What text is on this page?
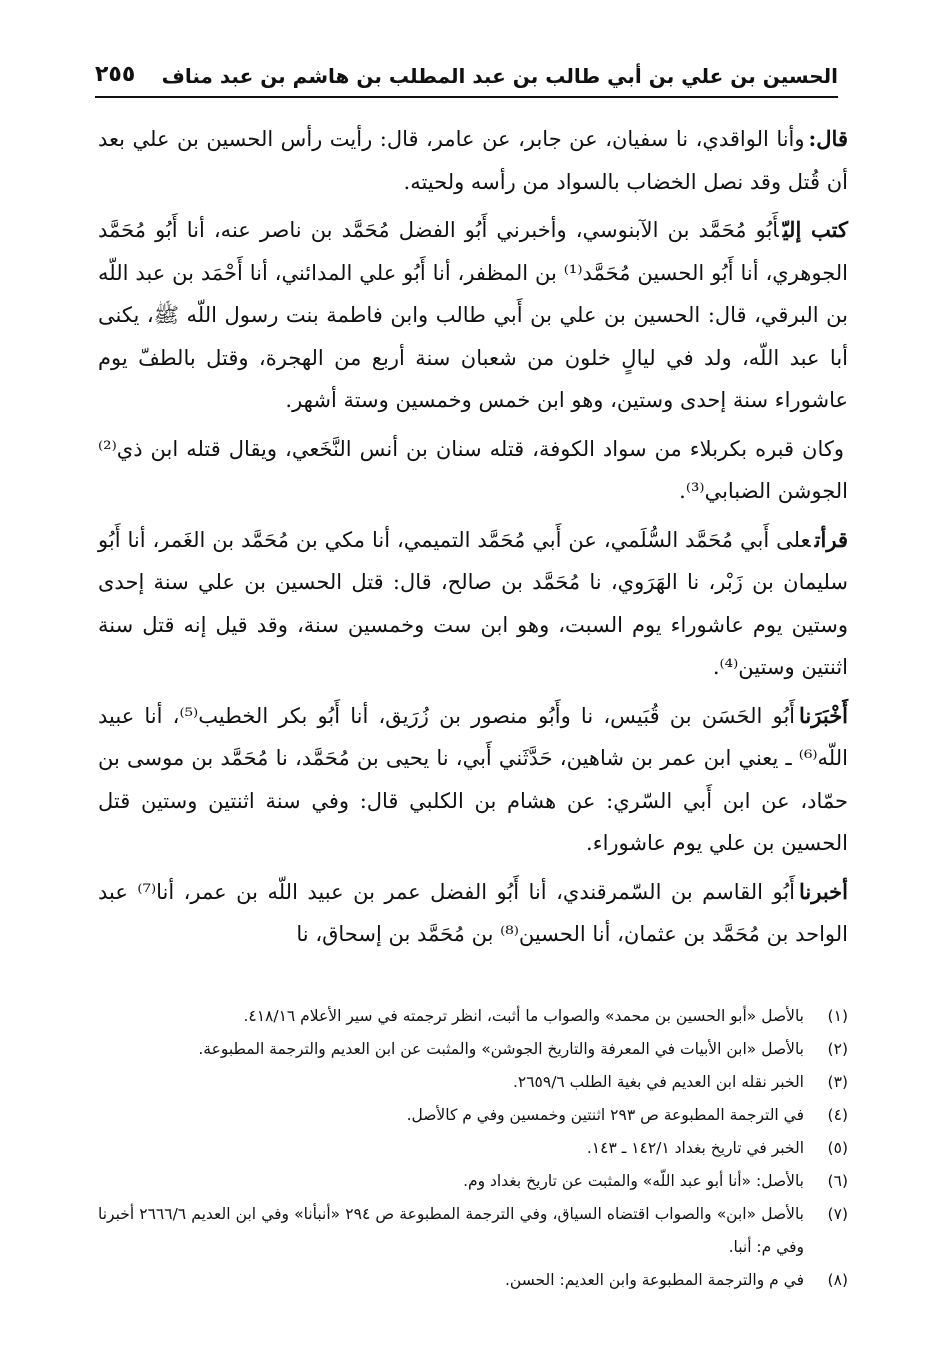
الحسين بن علي بن أبي طالب بن عبد المطلب بن هاشم بن عبد مناف
٢٥٥

قال:وأنا الواقدي، نا سفيان، عن جابر، عن عامر، قال: رأيت رأس الحسين بن علي بعد أن قُتل وقد نصل الخضاب بالسواد من رأسه ولحيته.

كتب إليّأَبُو مُحَمَّد بن الآبنوسي، وأخبرني أَبُو الفضل مُحَمَّد بن ناصر عنه، أنا أَبُو مُحَمَّد الجوهري، أنا أَبُو الحسين مُحَمَّد⁽¹⁾ بن المظفر، أنا أَبُو علي المدائني، أنا أَحْمَد بن عبد اللّه بن البرقي، قال: الحسين بن علي بن أَبي طالب وابن فاطمة بنت رسول اللّه ﷺ، يكنى أبا عبد اللّه، ولد في ليالٍ خلون من شعبان سنة أربع من الهجرة، وقتل بالطفّ يوم عاشوراء سنة إحدى وستين، وهو ابن خمس وخمسين وستة أشهر.

وكان قبره بكربلاء من سواد الكوفة، قتله سنان بن أنس النَّخَعي، ويقال قتله ابن ذي⁽²⁾ الجوشن الضبابي⁽³⁾.

قرأتعلى أَبي مُحَمَّد السُّلَمي، عن أَبي مُحَمَّد التميمي، أنا مكي بن مُحَمَّد بن الغَمر، أنا أَبُو سليمان بن زَبْر، نا الهَرَوي، نا مُحَمَّد بن صالح، قال: قتل الحسين بن علي سنة إحدى وستين يوم عاشوراء يوم السبت، وهو ابن ست وخمسين سنة، وقد قيل إنه قتل سنة اثنتين وستين⁽⁴⁾.

أَخْبَرَناأَبُو الحَسَن بن قُبَيس، نا وأَبُو منصور بن زُرَيق، أنا أَبُو بكر الخطيب⁽⁵⁾، أنا عبيد اللّه⁽⁶⁾ ـ يعني ابن عمر بن شاهين، حَدَّثَني أَبي، نا يحيى بن مُحَمَّد، نا مُحَمَّد بن موسى بن حمّاد، عن ابن أَبي السّري: عن هشام بن الكلبي قال: وفي سنة اثنتين وستين قتل الحسين بن علي يوم عاشوراء.

أخبرناأَبُو القاسم بن السّمرقندي، أنا أَبُو الفضل عمر بن عبيد اللّه بن عمر، أنا⁽⁷⁾ عبد الواحد بن مُحَمَّد بن عثمان، أنا الحسين⁽⁸⁾ بن مُحَمَّد بن إسحاق، نا

(١)
بالأصل «أبو الحسين بن محمد» والصواب ما أثبت، انظر ترجمته في سير الأعلام ٤١٨/١٦.
(٢)
بالأصل «ابن الأبيات في المعرفة والتاريخ الجوشن» والمثبت عن ابن العديم والترجمة المطبوعة.
(٣)
الخبر نقله ابن العديم في بغية الطلب ٢٦٥٩/٦.
(٤)
في الترجمة المطبوعة ص ٢٩٣ اثنتين وخمسين وفي م كالأصل.
(٥)
الخبر في تاريخ بغداد ١٤٢/١ ـ ١٤٣.
(٦)
بالأصل: «أنا أبو عبد اللّه» والمثبت عن تاريخ بغداد وم.
(٧)
بالأصل «ابن» والصواب اقتضاه السياق، وفي الترجمة المطبوعة ص ٢٩٤ «أنبأنا» وفي ابن العديم ٢٦٦٦/٦ أخبرنا وفي م: أنبا.
(٨)
في م والترجمة المطبوعة وابن العديم: الحسن.
